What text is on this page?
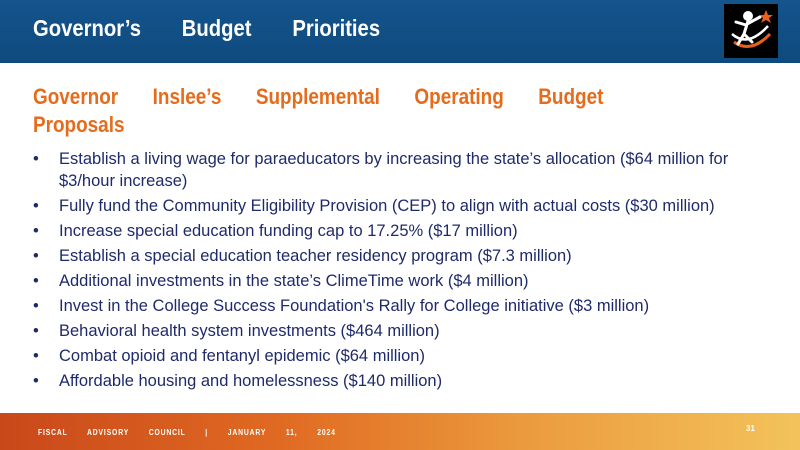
Governor’s Budget Priorities
Governor Inslee’s Supplemental Operating Budget Proposals
• Establish a living wage for paraeducators by increasing the state’s allocation ($64 million for $3/hour increase)
• Fully fund the Community Eligibility Provision (CEP) to align with actual costs ($30 million)
• Increase special education funding cap to 17.25% ($17 million)
• Establish a special education teacher residency program ($7.3 million)
• Additional investments in the state’s ClimeTime work ($4 million)
• Invest in the College Success Foundation's Rally for College initiative ($3 million)
• Behavioral health system investments ($464 million)
• Combat opioid and fentanyl epidemic ($64 million)
• Affordable housing and homelessness ($140 million)
FISCAL ADVISORY COUNCIL | JANUARY 11, 2024	31
